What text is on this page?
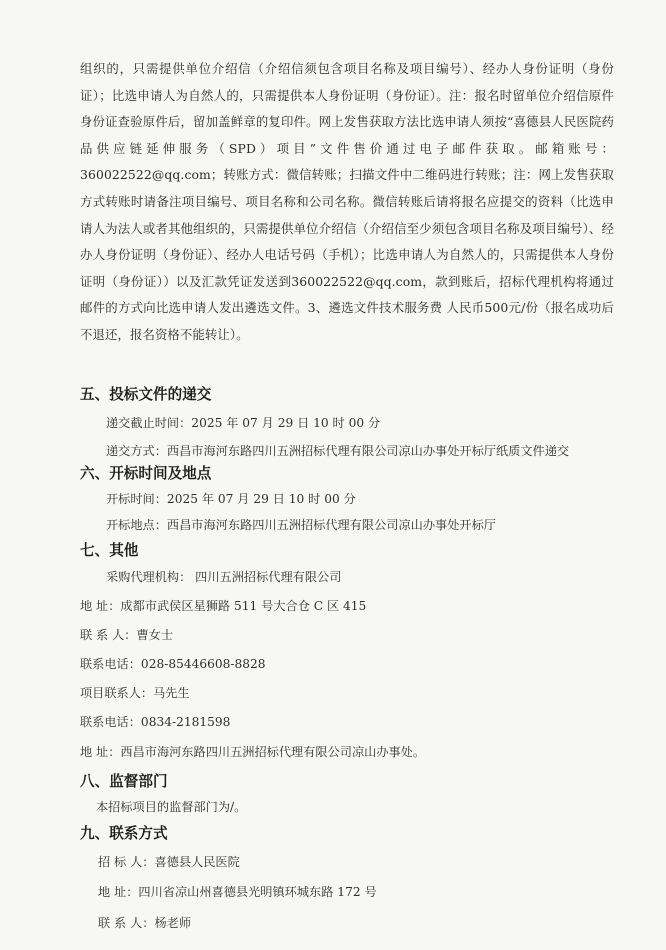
组织的，只需提供单位介绍信（介绍信须包含项目名称及项目编号）、经办人身份证明（身份证）；比选申请人为自然人的，只需提供本人身份证明（身份证）。注：报名时留单位介绍信原件身份证查验原件后，留加盖鲜章的复印件。网上发售获取方法比选申请人须按“喜德县人民医院药品供应链延伸服务（SPD）项目”文件售价通过电子邮件获取。邮箱账号：360022522@qq.com；转账方式：微信转账；扫描文件中二维码进行转账；注：网上发售获取方式转账时请备注项目编号、项目名称和公司名称。微信转账后请将报名应提交的资料（比选申请人为法人或者其他组织的，只需提供单位介绍信（介绍信至少须包含项目名称及项目编号）、经办人身份证明（身份证）、经办人电话号码（手机）；比选申请人为自然人的，只需提供本人身份证明（身份证））以及汇款凭证发送到360022522@qq.com，款到账后，招标代理机构将通过邮件的方式向比选申请人发出遴选文件。3、遴选文件技术服务费 人民币500元/份（报名成功后不退还，报名资格不能转让）。
五、投标文件的递交
递交截止时间：2025 年 07 月 29 日 10 时 00 分
递交方式：西昌市海河东路四川五洲招标代理有限公司凉山办事处开标厅纸质文件递交
六、开标时间及地点
开标时间：2025 年 07 月 29 日 10 时 00 分
开标地点：西昌市海河东路四川五洲招标代理有限公司凉山办事处开标厅
七、其他
采购代理机构： 四川五洲招标代理有限公司
地 址：成都市武侯区星狮路 511 号大合仓 C 区 415
联 系 人：曹女士
联系电话：028-85446608-8828
项目联系人：马先生
联系电话：0834-2181598
地 址：西昌市海河东路四川五洲招标代理有限公司凉山办事处。
八、监督部门
本招标项目的监督部门为/。
九、联系方式
招 标 人：喜德县人民医院
地 址：四川省凉山州喜德县光明镇环城东路 172 号
联 系 人：杨老师
